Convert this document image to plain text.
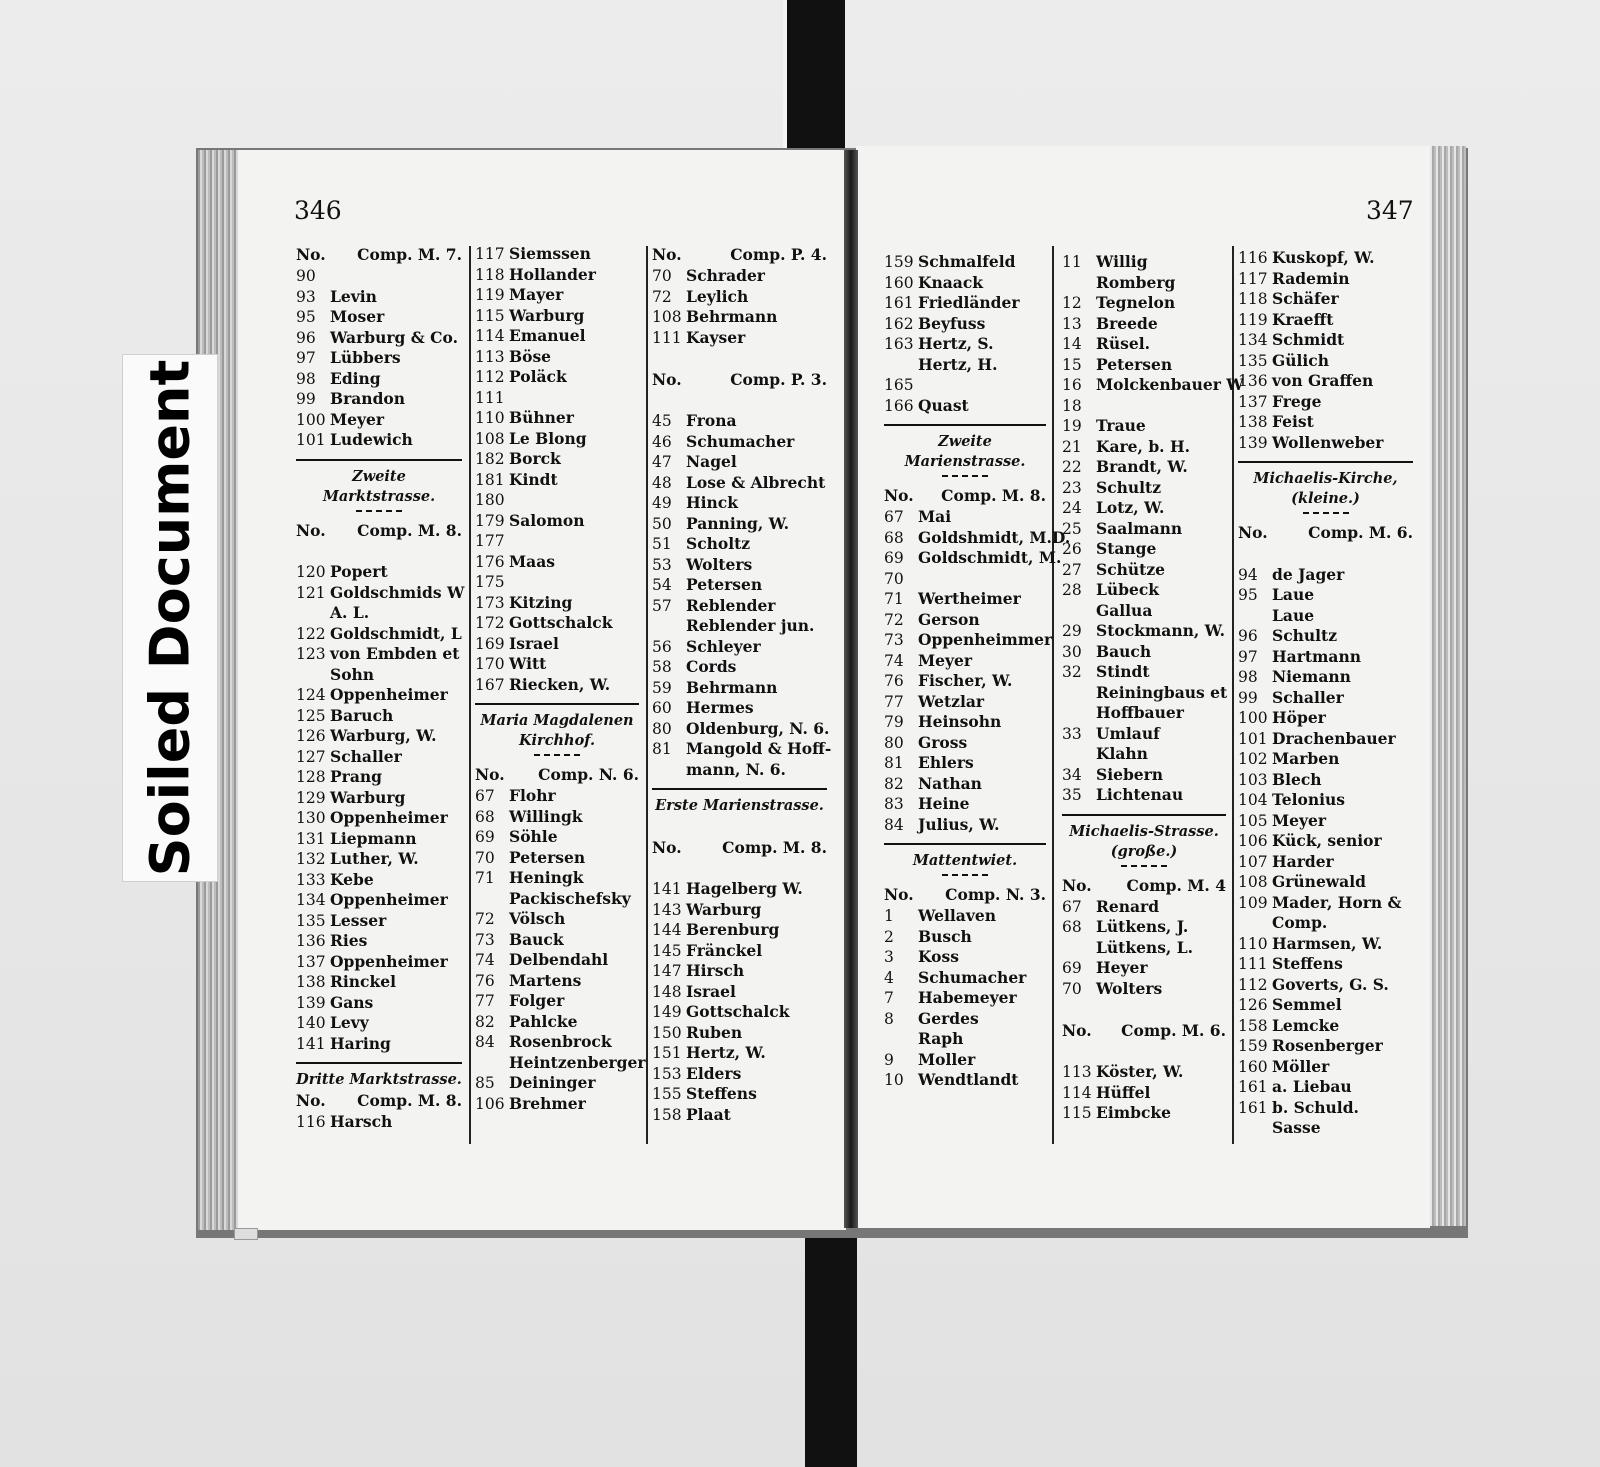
Soiled Document
346	347
No. Comp. M. 7.
90
93 Levin
95 Moser
96 Warburg & Co.
97 Lübbers
98 Eding
99 Brandon
100 Meyer
101 Ludewich
Zweite Marktstrasse.
No. Comp. M. 8.
120 Popert
121 Goldschmids W
A. L.
122 Goldschmidt, L
123 von Embden et
Sohn
124 Oppenheimer
125 Baruch
126 Warburg, W.
127 Schaller
128 Prang
129 Warburg
130 Oppenheimer
131 Liepmann
132 Luther, W.
133 Kebe
134 Oppenheimer
135 Lesser
136 Ries
137 Oppenheimer
138 Rinckel
139 Gans
140 Levy
141 Haring
Dritte Marktstrasse.
No. Comp. M. 8.
116 Harsch
117 Siemssen
118 Hollander
119 Mayer
115 Warburg
114 Emanuel
113 Böse
112 Poläck
111
110 Bühner
108 Le Blong
182 Borck
181 Kindt
180
179 Salomon
177
176 Maas
175
173 Kitzing
172 Gottschalck
169 Israel
170 Witt
167 Riecken, W.
Maria Magdalenen
Kirchhof.
No. Comp. N. 6.
67 Flohr
68 Willingk
69 Söhle
70 Petersen
71 Heningk
Packischefsky
72 Völsch
73 Bauck
74 Delbendahl
76 Martens
77 Folger
82 Pahlcke
84 Rosenbrock
Heintzenberger
85 Deininger
106 Brehmer
No.	Comp. P. 4.
70 Schrader
72 Leylich
108 Behrmann
111 Kayser
No.	Comp. P. 3.
45 Frona
46 Schumacher
47 Nagel
48 Lose & Albrecht
49 Hinck
50 Panning, W.
51 Scholtz
53 Wolters
54 Petersen
57 Reblender
Reblender jun.
56 Schleyer
58 Cords
59 Behrmann
60 Hermes
80 Oldenburg, N. 6.
81 Mangold & Hoff-
mann, N. 6.
Erste Marienstrasse.
No.	Comp. M. 8.
141 Hagelberg W.
143 Warburg
144 Berenburg
145 Fränckel
147 Hirsch
148 Israel
149 Gottschalck
150 Ruben
151 Hertz, W.
153 Elders
155 Steffens
158 Plaat
159 Schmalfeld
160 Knaack
161 Friedländer
162 Beyfuss
163 Hertz, S.
Hertz, H.
165
166 Quast
Zweite Marienstrasse.
No. Comp. M. 8.
67 Mai
68 Goldshmidt, M.D.
69 Goldschmidt, M.
70
71 Wertheimer
72 Gerson
73 Oppenheimmer
74 Meyer
76 Fischer, W.
77 Wetzlar
79 Heinsohn
80 Gross
81 Ehlers
82 Nathan
83 Heine
84 Julius, W.
Mattentwiet.
No. Comp. N. 3.
1 Wellaven
2 Busch
3 Koss
4 Schumacher
7 Habemeyer
8 Gerdes
Raph
9 Moller
10 Wendtlandt
11 Willig
Romberg
12 Tegnelon
13 Breede
14 Rüsel.
15 Petersen
16 Molckenbauer W
18
19 Traue
21 Kare, b. H.
22 Brandt, W.
23 Schultz
24 Lotz, W.
25 Saalmann
26 Stange
27 Schütze
28 Lübeck
Gallua
29 Stockmann, W.
30 Bauch
32 Stindt
Reiningbaus et
Hoffbauer
33 Umlauf
Klahn
34 Siebern
35 Lichtenau
Michaelis-Strasse.
(große.)
No. Comp. M. 4
67 Renard
68 Lütkens, J.
Lütkens, L.
69 Heyer
70 Wolters
No. Comp. M. 6.
113 Köster, W.
114 Hüffel
115 Eimbcke
116 Kuskopf, W.
117 Rademin
118 Schäfer
119 Kraefft
134 Schmidt
135 Gülich
136 von Graffen
137 Frege
138 Feist
139 Wollenweber
Michaelis-Kirche,
(kleine.)
No.	Comp. M. 6.
94 de Jager
95 Laue
Laue
96 Schultz
97 Hartmann
98 Niemann
99 Schaller
100 Höper
101 Drachenbauer
102 Marben
103 Blech
104 Telonius
105 Meyer
106 Kück, senior
107 Harder
108 Grünewald
109 Mader, Horn &
Comp.
110 Harmsen, W.
111 Steffens
112 Goverts, G. S.
126 Semmel
158 Lemcke
159 Rosenberger
160 Möller
161 a. Liebau
161 b. Schuld.
Sasse
